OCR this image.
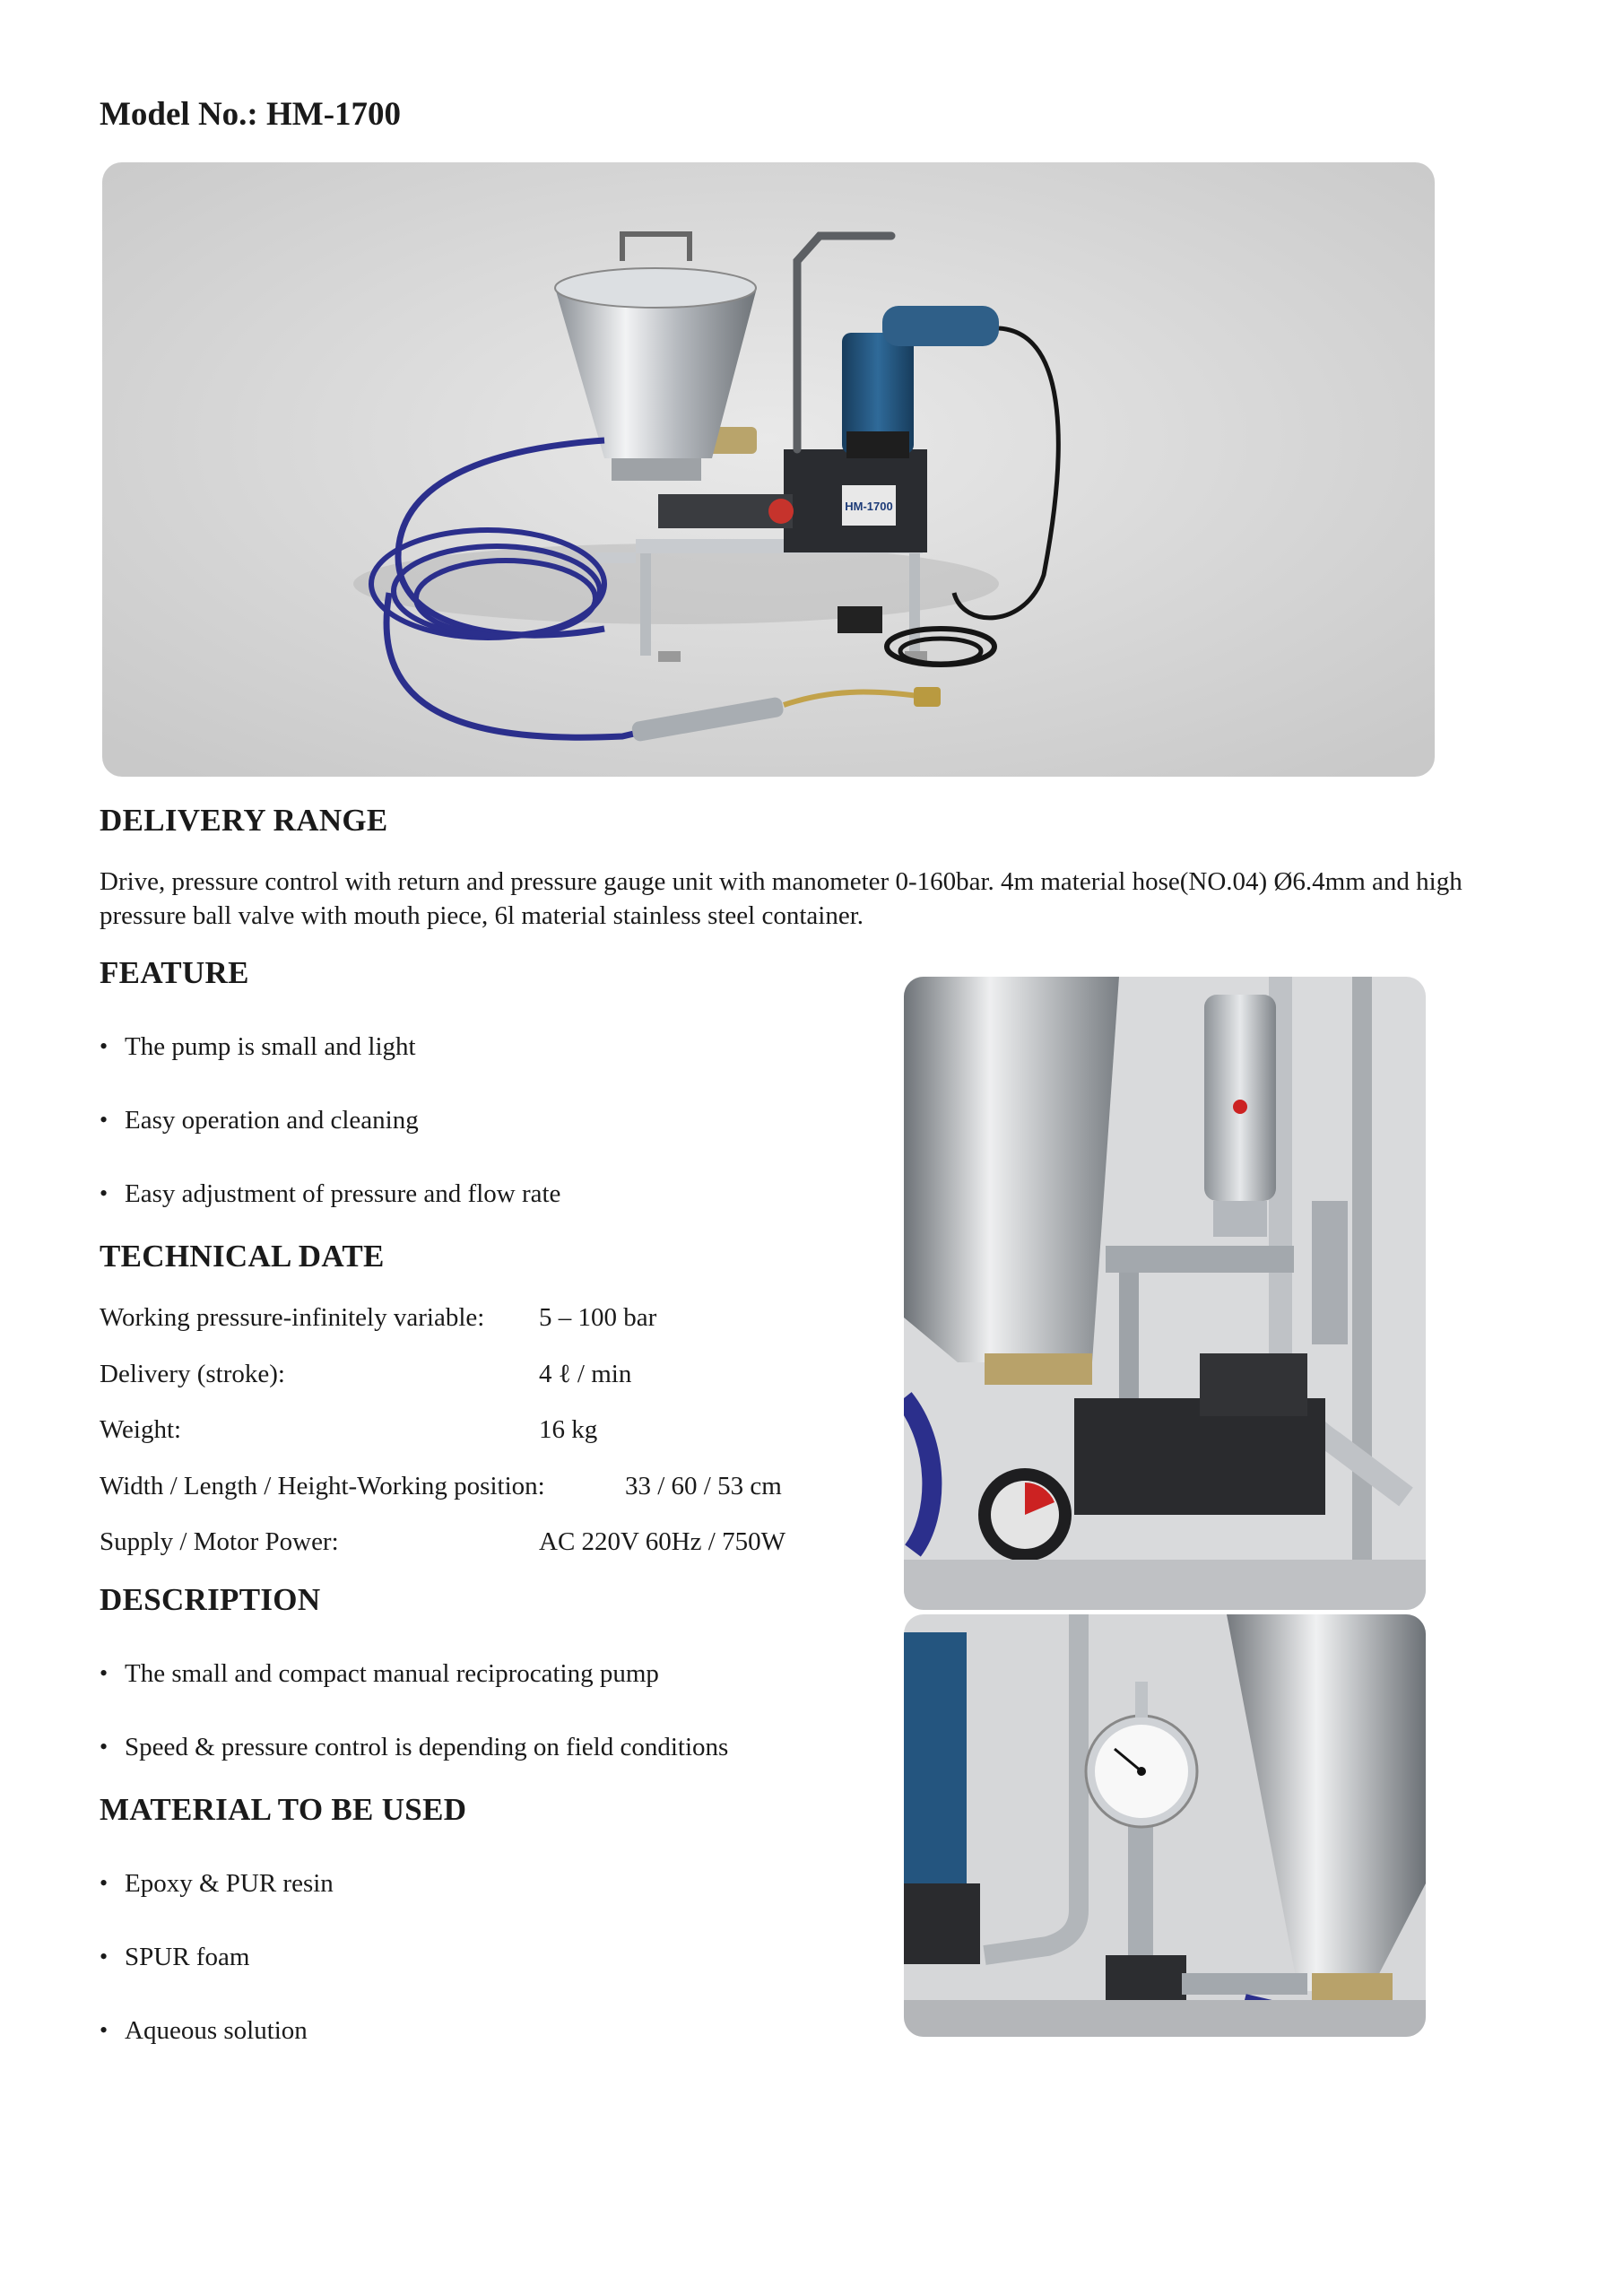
Model No.: HM-1700
HM-1700
DELIVERY RANGE

Drive, pressure control with return and pressure gauge unit with manometer 0-160bar. 4m material hose(NO.04) Ø6.4mm and high pressure ball valve with mouth piece, 6l material stainless steel container.

FEATURE
• The pump is small and light
• Easy operation and cleaning
• Easy adjustment of pressure and flow rate
TECHNICAL DATE
Working pressure-infinitely variable: 5 – 100 bar
Delivery (stroke):	4 ℓ / min
Weight:	16 kg
Width / Length / Height-Working position:	33 / 60 / 53 cm
Supply / Motor Power:	AC 220V 60Hz / 750W
DESCRIPTION
• The small and compact manual reciprocating pump
• Speed & pressure control is depending on field conditions
MATERIAL TO BE USED
• Epoxy & PUR resin
• SPUR foam
• Aqueous solution
